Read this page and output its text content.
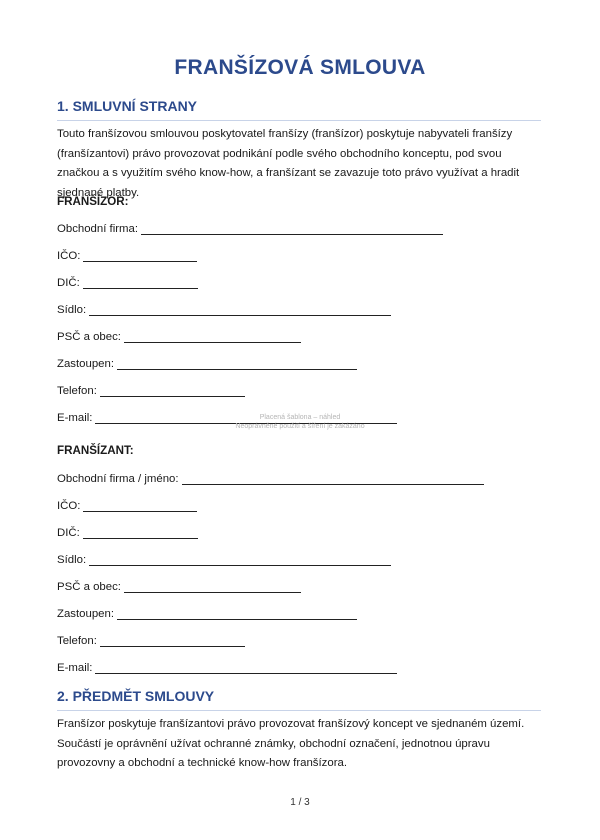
FRANŠÍZOVÁ SMLOUVA
1. SMLUVNÍ STRANY
Touto franšízovou smlouvou poskytovatel franšízy (franšízor) poskytuje nabyvateli franšízy (franšízantovi) právo provozovat podnikání podle svého obchodního konceptu, pod svou značkou a s využitím svého know-how, a franšízant se zavazuje toto právo využívat a hradit sjednané platby.
FRANŠÍZOR:
Obchodní firma:
IČO:
DIČ:
Sídlo:
PSČ a obec:
Zastoupen:
Telefon:
E-mail:	Placená šablona – náhled
Neoprávněné použití a šíření je zakázáno
FRANŠÍZANT:
Obchodní firma / jméno:
IČO:
DIČ:
Sídlo:
PSČ a obec:
Zastoupen:
Telefon:
E-mail:
2. PŘEDMĚT SMLOUVY
Franšízor poskytuje franšízantovi právo provozovat franšízový koncept ve sjednaném území. Součástí je oprávnění užívat ochranné známky, obchodní označení, jednotnou úpravu provozovny a obchodní a technické know-how franšízora.
1 / 3
